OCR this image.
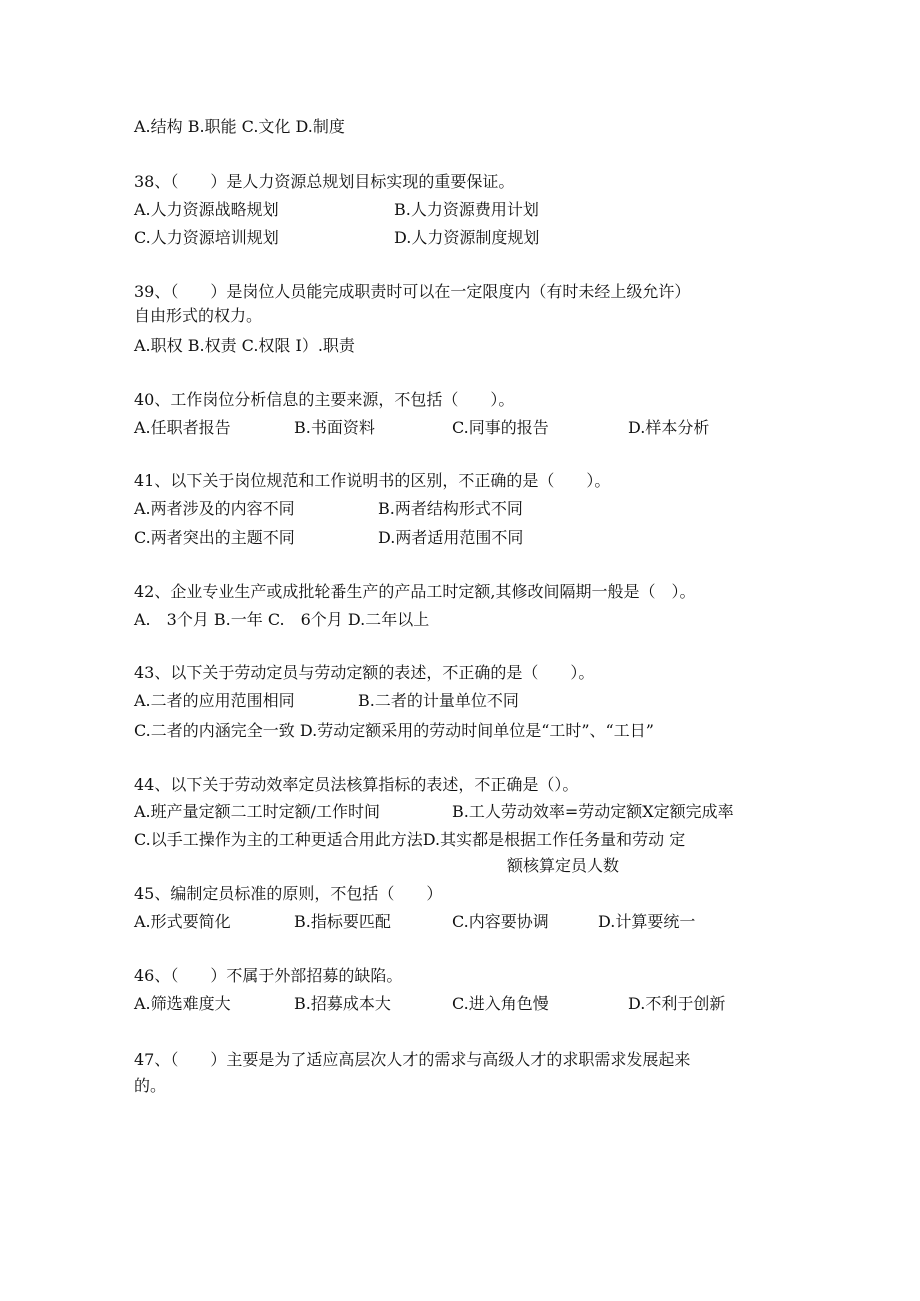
A.结构 B.职能 C.文化 D.制度
38、（　　）是人力资源总规划目标实现的重要保证。
A.人力资源战略规划	B.人力资源费用计划
C.人力资源培训规划	D.人力资源制度规划
39、（　　）是岗位人员能完成职责时可以在一定限度内（有时未经上级允许）
自由形式的权力。
A.职权 B.权责 C.权限 I）.职责
40、工作岗位分析信息的主要来源，不包括（　　）。
A.任职者报告	B.书面资料	C.同事的报告	D.样本分析
41、以下关于岗位规范和工作说明书的区别，不正确的是（　　）。
A.两者涉及的内容不同	B.两者结构形式不同
C.两者突出的主题不同	D.两者适用范围不同
42、企业专业生产或成批轮番生产的产品工时定额,其修改间隔期一般是（　）。
A.　3个月 B.一年 C.　6个月 D.二年以上
43、以下关于劳动定员与劳动定额的表述，不正确的是（　　）。
A.二者的应用范围相同	B.二者的计量单位不同
C.二者的内涵完全一致 D.劳动定额采用的劳动时间单位是“工时”、“工日”
44、以下关于劳动效率定员法核算指标的表述，不正确是（）。
A.班产量定额二工时定额/工作时间	B.工人劳动效率=劳动定额X定额完成率
C.以手工操作为主的工种更适合用此方法D.其实都是根据工作任务量和劳动 定
额核算定员人数
45、编制定员标准的原则，不包括（　　）
A.形式要简化	B.指标要匹配	C.内容要协调	D.计算要统一
46、（　　）不属于外部招募的缺陷。
A.筛选难度大	B.招募成本大	C.进入角色慢	D.不利于创新
47、（　　）主要是为了适应高层次人才的需求与高级人才的求职需求发展起来
的。
